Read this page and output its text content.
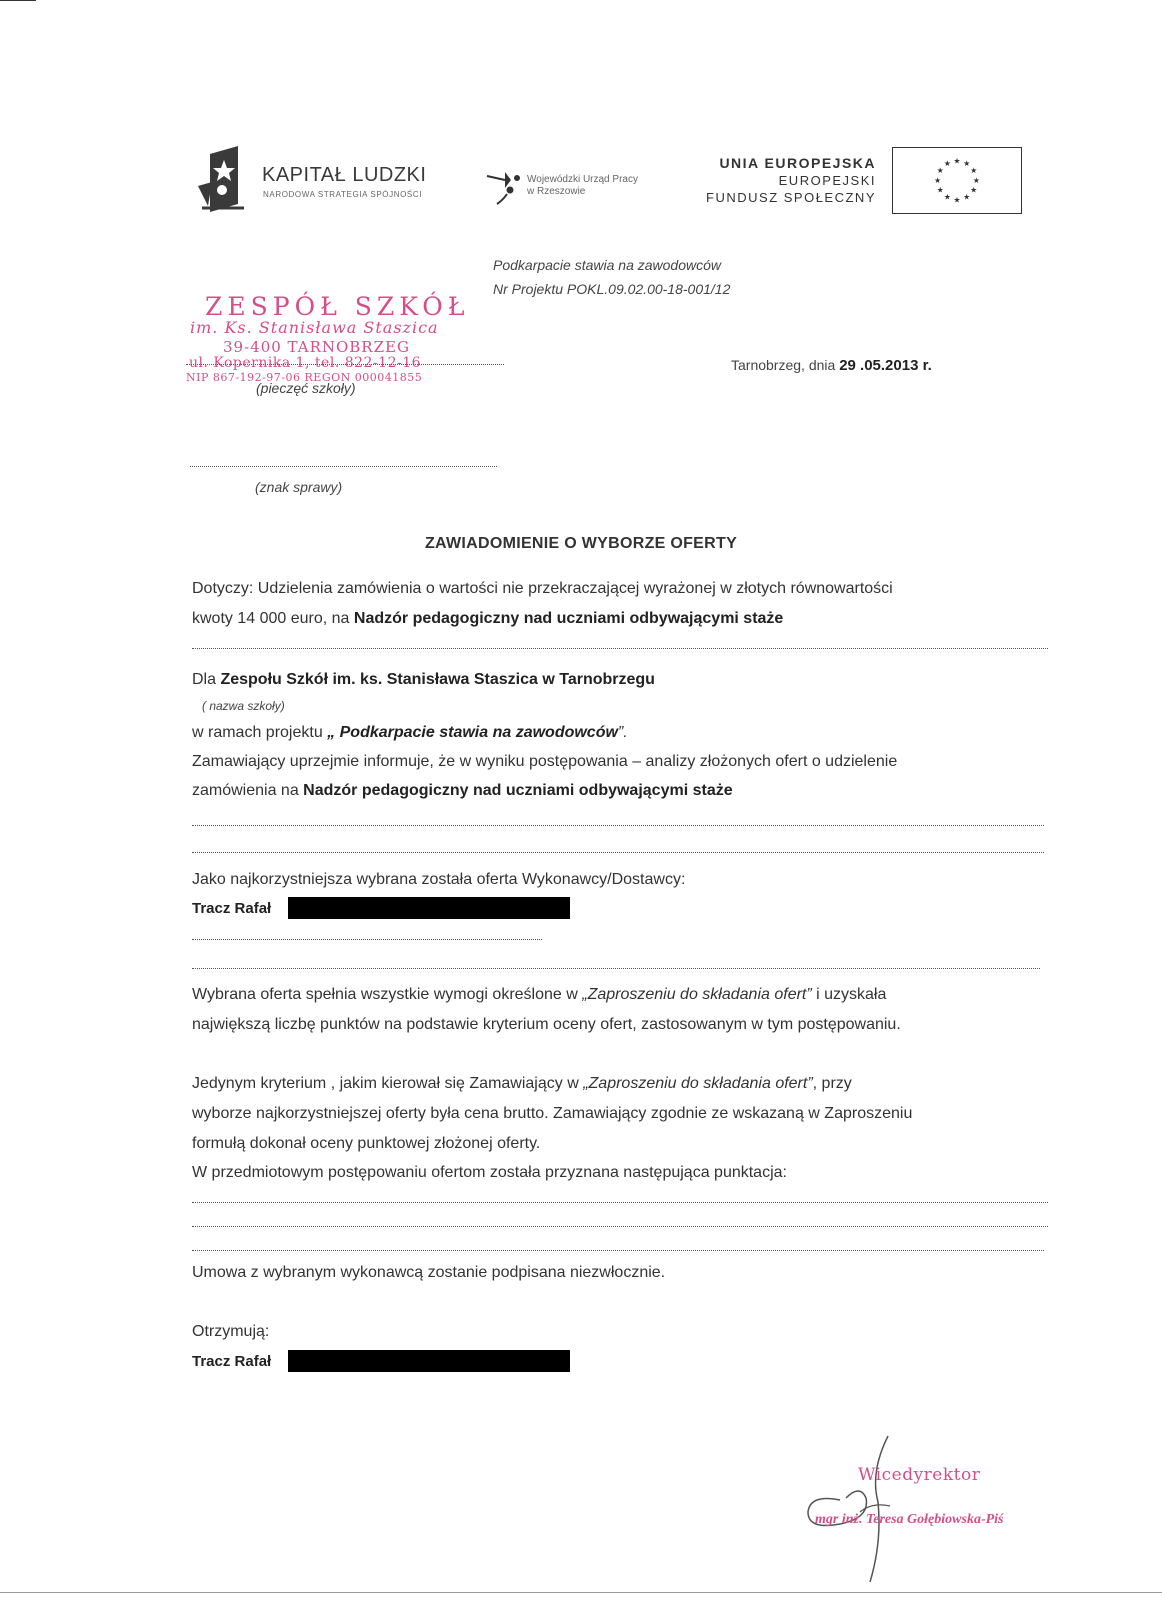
KAPITAŁ LUDZKI
NARODOWA STRATEGIA SPÓJNOŚCI
Wojewódzki Urząd Pracy
w Rzeszowie
UNIA EUROPEJSKA
EUROPEJSKI
FUNDUSZ SPOŁECZNY
★ ★
★
★
★
★
★
★
★
★
★
★
Podkarpacie stawia na zawodowców
Nr Projektu POKL.09.02.00-18-001/12
ZESPÓŁ SZKÓŁ
im. Ks. Stanisława Staszica
39-400 TARNOBRZEG
ul. Kopernika 1, tel. 822-12-16
NIP 867-192-97-06 REGON 000041855
(pieczęć szkoły)
Tarnobrzeg, dnia 29 .05.2013 r.
(znak sprawy)
ZAWIADOMIENIE O WYBORZE OFERTY
Dotyczy: Udzielenia zamówienia o wartości nie przekraczającej wyrażonej w złotych równowartości
kwoty 14 000 euro, na Nadzór pedagogiczny nad uczniami odbywającymi staże
Dla Zespołu Szkół im. ks. Stanisława Staszica w Tarnobrzegu
( nazwa szkoły)
w ramach projektu „ Podkarpacie stawia na zawodowców”.
Zamawiający uprzejmie informuje, że w wyniku postępowania – analizy złożonych ofert o udzielenie
zamówienia na Nadzór pedagogiczny nad uczniami odbywającymi staże
Jako najkorzystniejsza wybrana została oferta Wykonawcy/Dostawcy:
Tracz Rafał
Wybrana oferta spełnia wszystkie wymogi określone w „Zaproszeniu do składania ofert” i uzyskała
największą liczbę punktów na podstawie kryterium oceny ofert, zastosowanym w tym postępowaniu.
Jedynym kryterium , jakim kierował się Zamawiający w „Zaproszeniu do składania ofert”, przy
wyborze najkorzystniejszej oferty była cena brutto. Zamawiający zgodnie ze wskazaną w Zaproszeniu
formułą dokonał oceny punktowej złożonej oferty.
W przedmiotowym postępowaniu ofertom została przyznana następująca punktacja:
Umowa z wybranym wykonawcą zostanie podpisana niezwłocznie.
Otrzymują:
Tracz Rafał
Wicedyrektor
mgr inż. Teresa Gołębiowska-Piś
